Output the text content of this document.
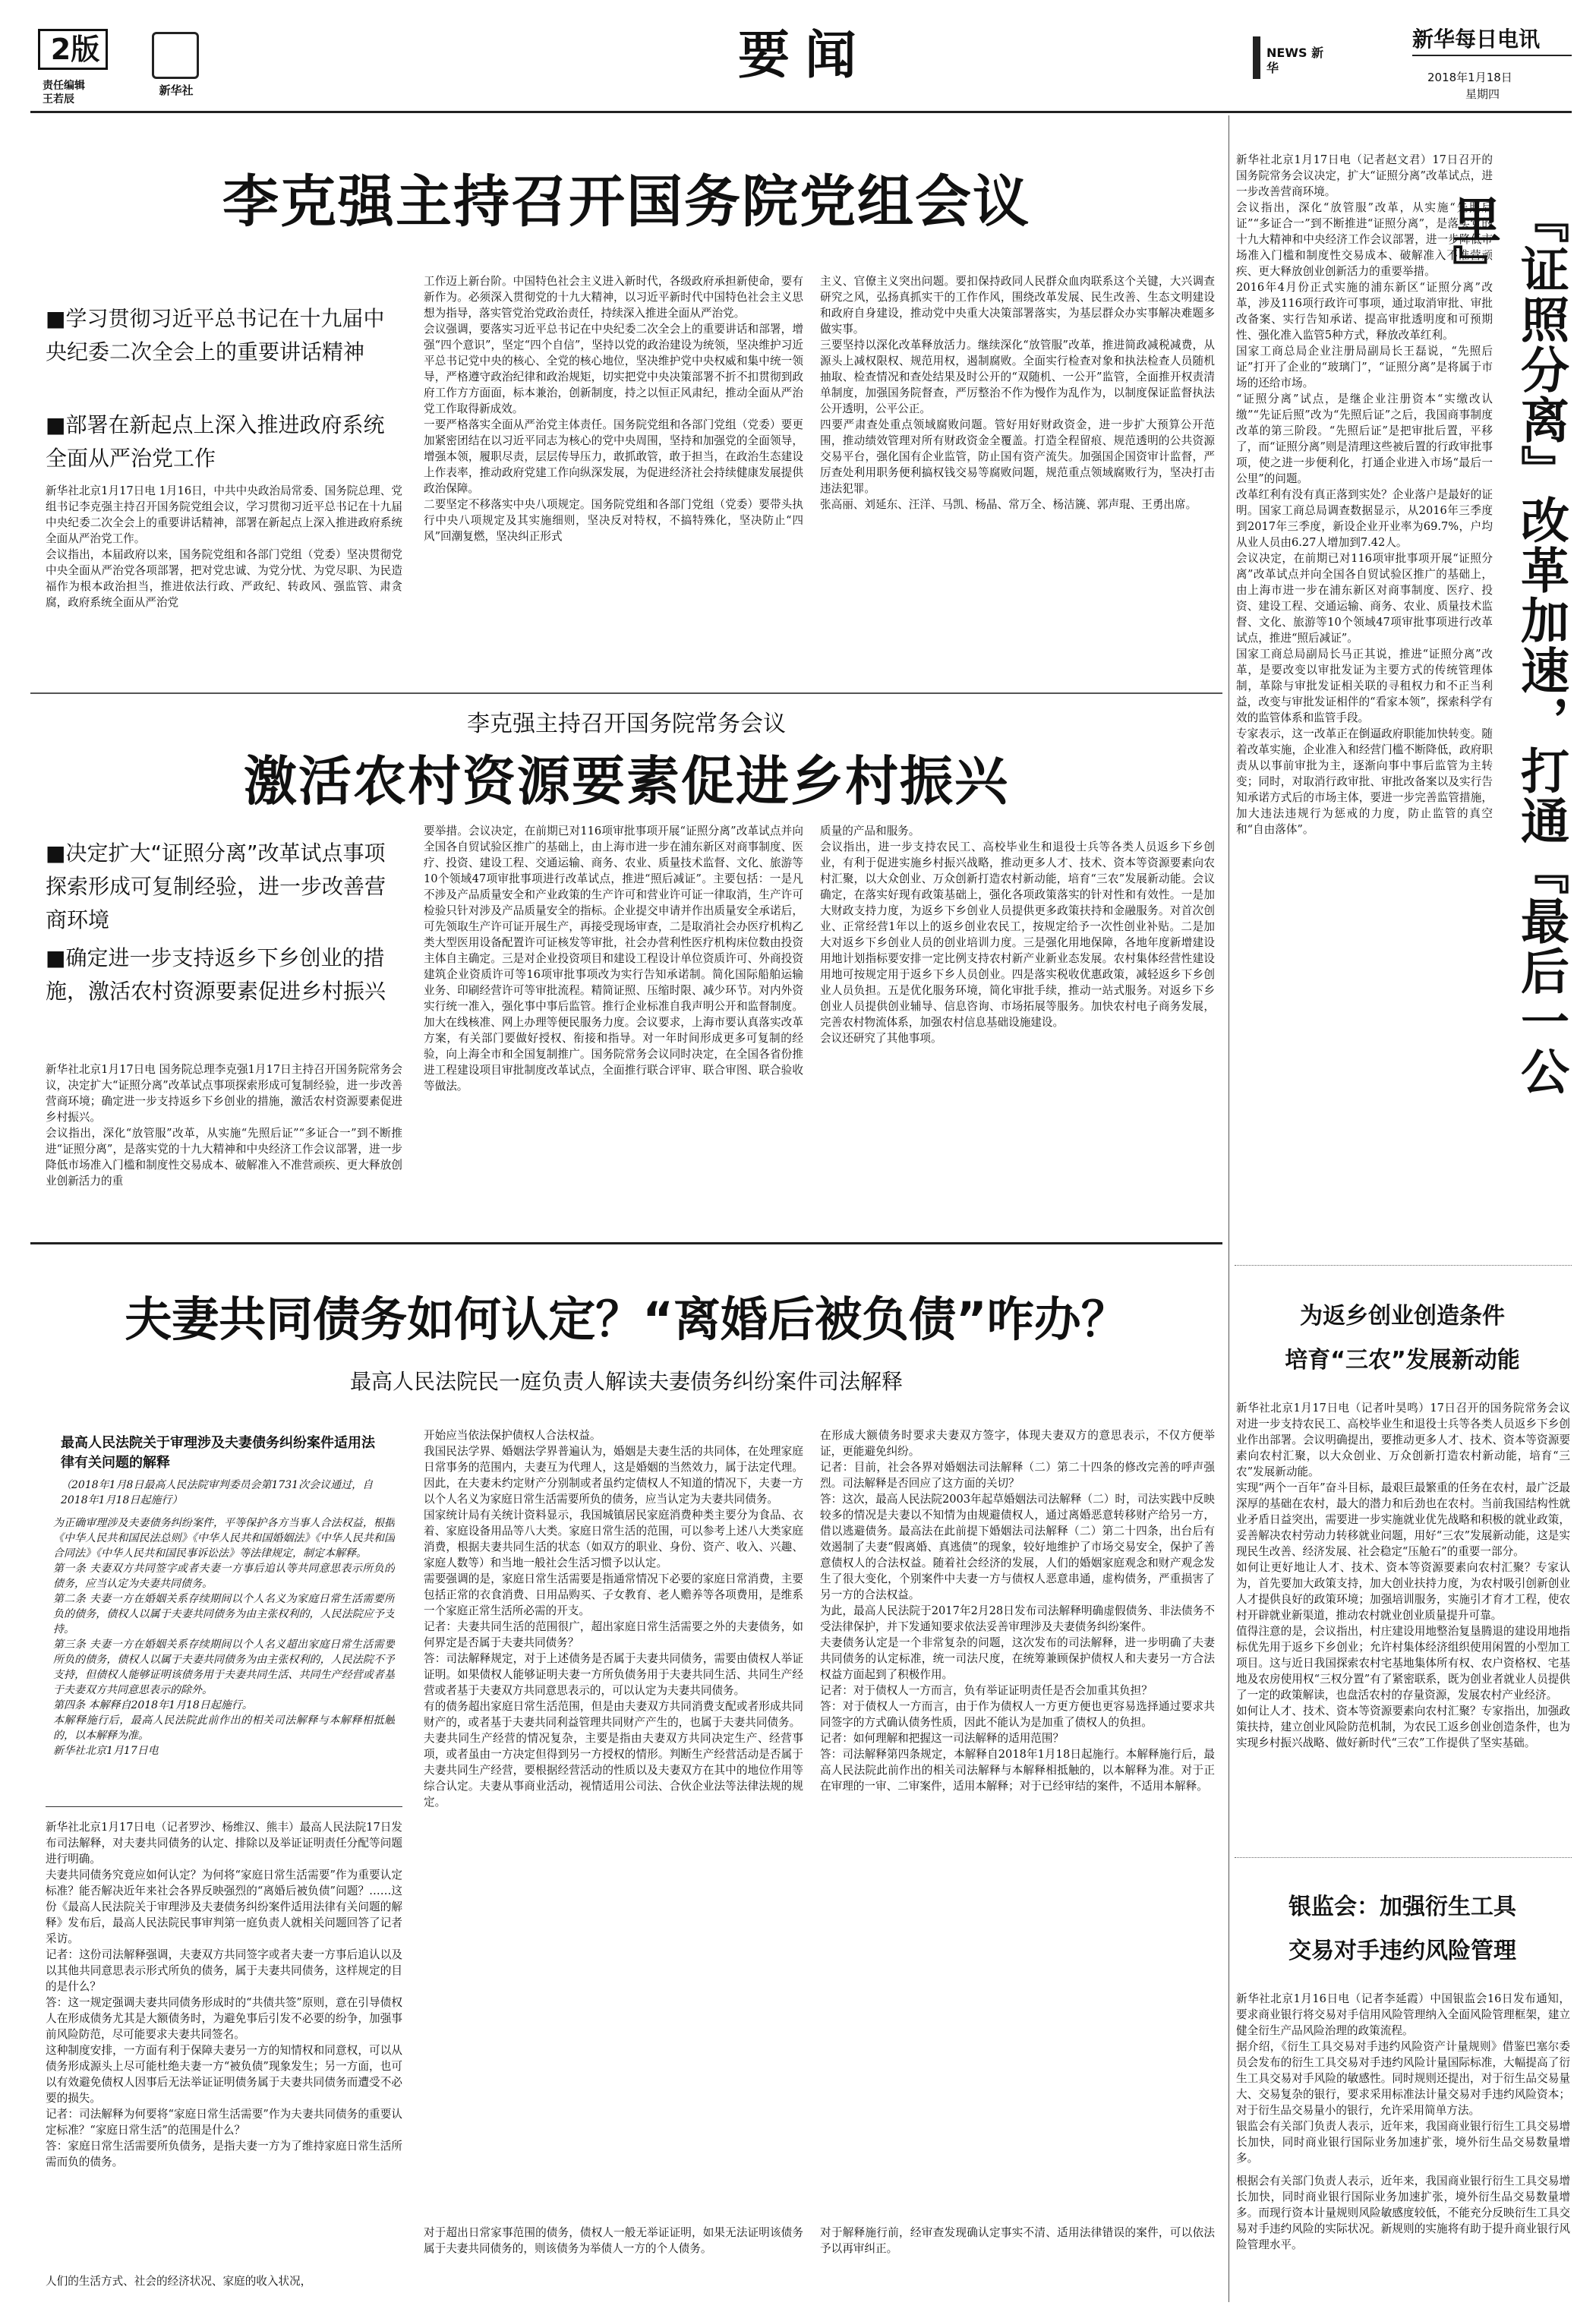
2版
责任编辑
王若辰
新华社
要闻	NEWS 新华
新华每日电讯
2018年1月18日
星期四
李克强主持召开国务院党组会议
■学习贯彻习近平总书记在十九届中央纪委二次全会上的重要讲话精神
■部署在新起点上深入推进政府系统全面从严治党工作
新华社北京1月17日电 1月16日，中共中央政治局常委、国务院总理、党组书记李克强主持召开国务院党组会议，学习贯彻习近平总书记在十九届中央纪委二次全会上的重要讲话精神，部署在新起点上深入推进政府系统全面从严治党工作。
会议指出，本届政府以来，国务院党组和各部门党组（党委）坚决贯彻党中央全面从严治党各项部署，把对党忠诚、为党分忧、为党尽职、为民造福作为根本政治担当，推进依法行政、严政纪、转政风、强监管、肃贪腐，政府系统全面从严治党
工作迈上新台阶。中国特色社会主义进入新时代，各级政府承担新使命，要有新作为。必须深入贯彻党的十九大精神，以习近平新时代中国特色社会主义思想为指导，落实管党治党政治责任，持续深入推进全面从严治党。
会议强调，要落实习近平总书记在中央纪委二次全会上的重要讲话和部署，增强“四个意识”，坚定“四个自信”，坚持以党的政治建设为统领，坚决维护习近平总书记党中央的核心、全党的核心地位，坚决维护党中央权威和集中统一领导，严格遵守政治纪律和政治规矩，切实把党中央决策部署不折不扣贯彻到政府工作方方面面，标本兼治，创新制度，持之以恒正风肃纪，推动全面从严治党工作取得新成效。
一要严格落实全面从严治党主体责任。国务院党组和各部门党组（党委）要更加紧密团结在以习近平同志为核心的党中央周围，坚持和加强党的全面领导，增强本领，履职尽责，层层传导压力，敢抓敢管，敢于担当，在政治生态建设上作表率，推动政府党建工作向纵深发展，为促进经济社会持续健康发展提供政治保障。
二要坚定不移落实中央八项规定。国务院党组和各部门党组（党委）要带头执行中央八项规定及其实施细则，坚决反对特权，不搞特殊化，坚决防止“四风”回潮复燃，坚决纠正形式
主义、官僚主义突出问题。要扣保持政同人民群众血肉联系这个关键，大兴调查研究之风，弘扬真抓实干的工作作风，围绕改革发展、民生改善、生态文明建设和政府自身建设，推动党中央重大决策部署落实，为基层群众办实事解决难题多做实事。
三要坚持以深化改革释放活力。继续深化“放管服”改革，推进简政减税减费，从源头上减权限权、规范用权，遏制腐败。全面实行检查对象和执法检查人员随机抽取、检查情况和查处结果及时公开的“双随机、一公开”监管，全面推开权责清单制度，加强国务院督查，严厉整治不作为慢作为乱作为，以制度保证监督执法公开透明，公平公正。
四要严肃查处重点领域腐败问题。管好用好财政资金，进一步扩大预算公开范围，推动绩效管理对所有财政资金全覆盖。打造全程留痕、规范透明的公共资源交易平台，强化国有企业监管，防止国有资产流失。加强国企国资审计监督，严厉查处利用职务便利搞权钱交易等腐败问题，规范重点领域腐败行为，坚决打击违法犯罪。
张高丽、刘延东、汪洋、马凯、杨晶、常万全、杨洁篪、郭声琨、王勇出席。
李克强主持召开国务院常务会议
激活农村资源要素促进乡村振兴
■决定扩大“证照分离”改革试点事项探索形成可复制经验，进一步改善营商环境
■确定进一步支持返乡下乡创业的措施，激活农村资源要素促进乡村振兴
新华社北京1月17日电 国务院总理李克强1月17日主持召开国务院常务会议，决定扩大“证照分离”改革试点事项探索形成可复制经验，进一步改善营商环境；确定进一步支持返乡下乡创业的措施，激活农村资源要素促进乡村振兴。
会议指出，深化“放管服”改革，从实施“先照后证”“多证合一”到不断推进“证照分离”，是落实党的十九大精神和中央经济工作会议部署，进一步降低市场准入门槛和制度性交易成本、破解准入不准营顽疾、更大释放创业创新活力的重
要举措。会议决定，在前期已对116项审批事项开展“证照分离”改革试点并向全国各自贸试验区推广的基础上，由上海市进一步在浦东新区对商事制度、医疗、投资、建设工程、交通运输、商务、农业、质量技术监督、文化、旅游等10个领域47项审批事项进行改革试点，推进“照后减证”。主要包括：一是凡不涉及产品质量安全和产业政策的生产许可和营业许可证一律取消，生产许可检验只针对涉及产品质量安全的指标。企业提交申请并作出质量安全承诺后，可先领取生产许可证开展生产，再接受现场审查，二是取消社会办医疗机构乙类大型医用设备配置许可证核发等审批，社会办营利性医疗机构床位数由投资主体自主确定。三是对企业投资项目和建设工程设计单位资质许可、外商投资建筑企业资质许可等16项审批事项改为实行告知承诺制。简化国际船舶运输业务、印刷经营许可等审批流程。精简证照、压缩时限、减少环节。对内外资实行统一准入，强化事中事后监管。推行企业标准自我声明公开和监督制度。加大在线核准、网上办理等便民服务力度。会议要求，上海市要认真落实改革方案，有关部门要做好授权、衔接和指导。对一年时间形成更多可复制的经验，向上海全市和全国复制推广。国务院常务会议同时决定，在全国各省份推进工程建设项目审批制度改革试点，全面推行联合评审、联合审图、联合验收等做法。
质量的产品和服务。
会议指出，进一步支持农民工、高校毕业生和退役士兵等各类人员返乡下乡创业，有利于促进实施乡村振兴战略，推动更多人才、技术、资本等资源要素向农村汇聚，以大众创业、万众创新打造农村新动能，培育“三农”发展新动能。会议确定，在落实好现有政策基础上，强化各项政策落实的针对性和有效性。一是加大财政支持力度，为返乡下乡创业人员提供更多政策扶持和金融服务。对首次创业、正常经营1年以上的返乡创业农民工，按规定给予一次性创业补贴。二是加大对返乡下乡创业人员的创业培训力度。三是强化用地保障，各地年度新增建设用地计划指标要安排一定比例支持农村新产业新业态发展。农村集体经营性建设用地可按规定用于返乡下乡人员创业。四是落实税收优惠政策，减轻返乡下乡创业人员负担。五是优化服务环境，简化审批手续，推动一站式服务。对返乡下乡创业人员提供创业辅导、信息咨询、市场拓展等服务。加快农村电子商务发展，完善农村物流体系，加强农村信息基础设施建设。
会议还研究了其他事项。
夫妻共同债务如何认定？“离婚后被负债”咋办？
最高人民法院民一庭负责人解读夫妻债务纠纷案件司法解释
最高人民法院关于审理涉及夫妻债务纠纷案件适用法律有关问题的解释
（2018年1月8日最高人民法院审判委员会第1731次会议通过，自2018年1月18日起施行）
为正确审理涉及夫妻债务纠纷案件，平等保护各方当事人合法权益，根据《中华人民共和国民法总则》《中华人民共和国婚姻法》《中华人民共和国合同法》《中华人民共和国民事诉讼法》等法律规定，制定本解释。
第一条 夫妻双方共同签字或者夫妻一方事后追认等共同意思表示所负的债务，应当认定为夫妻共同债务。
第二条 夫妻一方在婚姻关系存续期间以个人名义为家庭日常生活需要所负的债务，债权人以属于夫妻共同债务为由主张权利的，人民法院应予支持。
第三条 夫妻一方在婚姻关系存续期间以个人名义超出家庭日常生活需要所负的债务，债权人以属于夫妻共同债务为由主张权利的，人民法院不予支持，但债权人能够证明该债务用于夫妻共同生活、共同生产经营或者基于夫妻双方共同意思表示的除外。
第四条 本解释自2018年1月18日起施行。
本解释施行后，最高人民法院此前作出的相关司法解释与本解释相抵触的，以本解释为准。
新华社北京1月17日电
新华社北京1月17日电（记者罗沙、杨维汉、熊丰）最高人民法院17日发布司法解释，对夫妻共同债务的认定、排除以及举证证明责任分配等问题进行明确。
夫妻共同债务究竟应如何认定？为何将“家庭日常生活需要”作为重要认定标准？能否解决近年来社会各界反映强烈的“离婚后被负债”问题？……这份《最高人民法院关于审理涉及夫妻债务纠纷案件适用法律有关问题的解释》发布后，最高人民法院民事审判第一庭负责人就相关问题回答了记者采访。
记者：这份司法解释强调，夫妻双方共同签字或者夫妻一方事后追认以及以其他共同意思表示形式所负的债务，属于夫妻共同债务，这样规定的目的是什么？
答：这一规定强调夫妻共同债务形成时的“共债共签”原则，意在引导债权人在形成债务尤其是大额债务时，为避免事后引发不必要的纷争，加强事前风险防范，尽可能要求夫妻共同签名。
这种制度安排，一方面有利于保障夫妻另一方的知情权和同意权，可以从债务形成源头上尽可能杜绝夫妻一方“被负债”现象发生；另一方面，也可以有效避免债权人因事后无法举证证明债务属于夫妻共同债务而遭受不必要的损失。
记者：司法解释为何要将“家庭日常生活需要”作为夫妻共同债务的重要认定标准？“家庭日常生活”的范围是什么？
答：家庭日常生活需要所负债务，是指夫妻一方为了维持家庭日常生活所需而负的债务。
人们的生活方式、社会的经济状况、家庭的收入状况，
开始应当依法保护债权人合法权益。
我国民法学界、婚姻法学界普遍认为，婚姻是夫妻生活的共同体，在处理家庭日常事务的范围内，夫妻互为代理人，这是婚姻的当然效力，属于法定代理。因此，在夫妻未约定财产分别制或者虽约定债权人不知道的情况下，夫妻一方以个人名义为家庭日常生活需要所负的债务，应当认定为夫妻共同债务。
国家统计局有关统计资料显示，我国城镇居民家庭消费种类主要分为食品、衣着、家庭设备用品等八大类。家庭日常生活的范围，可以参考上述八大类家庭消费，根据夫妻共同生活的状态（如双方的职业、身份、资产、收入、兴趣、家庭人数等）和当地一般社会生活习惯予以认定。
需要强调的是，家庭日常生活需要是指通常情况下必要的家庭日常消费，主要包括正常的衣食消费、日用品购买、子女教育、老人赡养等各项费用，是维系一个家庭正常生活所必需的开支。
记者：夫妻共同生活的范围很广，超出家庭日常生活需要之外的夫妻债务，如何界定是否属于夫妻共同债务？
答：司法解释规定，对于上述债务是否属于夫妻共同债务，需要由债权人举证证明。如果债权人能够证明夫妻一方所负债务用于夫妻共同生活、共同生产经营或者基于夫妻双方共同意思表示的，可以认定为夫妻共同债务。
有的债务超出家庭日常生活范围，但是由夫妻双方共同消费支配或者形成共同财产的，或者基于夫妻共同利益管理共同财产产生的，也属于夫妻共同债务。
夫妻共同生产经营的情况复杂，主要是指由夫妻双方共同决定生产、经营事项，或者虽由一方决定但得到另一方授权的情形。判断生产经营活动是否属于夫妻共同生产经营，要根据经营活动的性质以及夫妻双方在其中的地位作用等综合认定。夫妻从事商业活动，视情适用公司法、合伙企业法等法律法规的规定。
对于超出日常家事范围的债务，债权人一般无举证证明，如果无法证明该债务属于夫妻共同债务的，则该债务为举债人一方的个人债务。
在形成大额债务时要求夫妻双方签字，体现夫妻双方的意思表示，不仅方便举证，更能避免纠纷。
记者：目前，社会各界对婚姻法司法解释（二）第二十四条的修改完善的呼声强烈。司法解释是否回应了这方面的关切？
答：这次，最高人民法院2003年起草婚姻法司法解释（二）时，司法实践中反映较多的情况是夫妻以不知情为由规避债权人，通过离婚恶意转移财产给另一方，借以逃避债务。最高法在此前提下婚姻法司法解释（二）第二十四条，出台后有效遏制了夫妻“假离婚、真逃债”的现象，较好地维护了市场交易安全，保护了善意债权人的合法权益。随着社会经济的发展，人们的婚姻家庭观念和财产观念发生了很大变化，个别案件中夫妻一方与债权人恶意串通，虚构债务，严重损害了另一方的合法权益。
为此，最高人民法院于2017年2月28日发布司法解释明确虚假债务、非法债务不受法律保护，并下发通知要求依法妥善审理涉及夫妻债务纠纷案件。
夫妻债务认定是一个非常复杂的问题，这次发布的司法解释，进一步明确了夫妻共同债务的认定标准，统一司法尺度，在统筹兼顾保护债权人和夫妻另一方合法权益方面起到了积极作用。
记者：对于债权人一方而言，负有举证证明责任是否会加重其负担？
答：对于债权人一方而言，由于作为债权人一方更方便也更容易选择通过要求共同签字的方式确认债务性质，因此不能认为是加重了债权人的负担。
记者：如何理解和把握这一司法解释的适用范围？
答：司法解释第四条规定，本解释自2018年1月18日起施行。本解释施行后，最高人民法院此前作出的相关司法解释与本解释相抵触的，以本解释为准。对于正在审理的一审、二审案件，适用本解释；对于已经审结的案件，不适用本解释。
对于解释施行前，经审查发现确认定事实不清、适用法律错误的案件，可以依法予以再审纠正。
新华社北京1月17日电（记者赵文君）17日召开的国务院常务会议决定，扩大“证照分离”改革试点，进一步改善营商环境。
会议指出，深化“放管服”改革，从实施“先照后证”“多证合一”到不断推进“证照分离”，是落实党的十九大精神和中央经济工作会议部署，进一步降低市场准入门槛和制度性交易成本、破解准入不准营顽疾、更大释放创业创新活力的重要举措。
2016年4月份正式实施的浦东新区“证照分离”改革，涉及116项行政许可事项，通过取消审批、审批改备案、实行告知承诺、提高审批透明度和可预期性、强化准入监管5种方式，释放改革红利。
国家工商总局企业注册局副局长王磊说，“先照后证”打开了企业的“玻璃门”，“证照分离”是将属于市场的还给市场。
“证照分离”试点，是继企业注册资本“实缴改认缴”“先证后照”改为“先照后证”之后，我国商事制度改革的第三阶段。“先照后证”是把审批后置，平移了，而“证照分离”则是清理这些被后置的行政审批事项，使之进一步便利化，打通企业进入市场“最后一公里”的问题。
改革红利有没有真正落到实处？企业落户是最好的证明。国家工商总局调查数据显示，从2016年三季度到2017年三季度，新设企业开业率为69.7%，户均从业人员由6.27人增加到7.42人。
会议决定，在前期已对116项审批事项开展“证照分离”改革试点并向全国各自贸试验区推广的基础上，由上海市进一步在浦东新区对商事制度、医疗、投资、建设工程、交通运输、商务、农业、质量技术监督、文化、旅游等10个领域47项审批事项进行改革试点，推进“照后减证”。
国家工商总局副局长马正其说，推进“证照分离”改革，是要改变以审批发证为主要方式的传统管理体制，革除与审批发证相关联的寻租权力和不正当利益，改变与审批发证相伴的“看家本领”，探索科学有效的监管体系和监管手段。
专家表示，这一改革正在倒逼政府职能加快转变。随着改革实施，企业准入和经营门槛不断降低，政府职责从以事前审批为主，逐渐向事中事后监管为主转变；同时，对取消行政审批、审批改备案以及实行告知承诺方式后的市场主体，要进一步完善监管措施，加大违法违规行为惩戒的力度，防止监管的真空和“自由落体”。	『证照分离』改革加速，打通『最后一公里』
为返乡创业创造条件
培育“三农”发展新动能
新华社北京1月17日电（记者叶昊鸣）17日召开的国务院常务会议对进一步支持农民工、高校毕业生和退役士兵等各类人员返乡下乡创业作出部署。会议明确提出，要推动更多人才、技术、资本等资源要素向农村汇聚，以大众创业、万众创新打造农村新动能，培育“三农”发展新动能。
实现“两个一百年”奋斗目标，最艰巨最繁重的任务在农村，最广泛最深厚的基础在农村，最大的潜力和后劲也在农村。当前我国结构性就业矛盾日益突出，需要进一步实施就业优先战略和积极的就业政策，妥善解决农村劳动力转移就业问题，用好“三农”发展新动能，这是实现民生改善、经济发展、社会稳定“压舱石”的重要一部分。
如何让更好地让人才、技术、资本等资源要素向农村汇聚？专家认为，首先要加大政策支持，加大创业扶持力度，为农村吸引创新创业人才提供良好的政策环境；加强培训服务，实施引才育才工程，使农村开辟就业新渠道，推动农村就业创业质量提升可靠。
值得注意的是，会议指出，村庄建设用地整治复垦腾退的建设用地指标优先用于返乡下乡创业；允许村集体经济组织使用闲置的小型加工项目。这与近日我国探索农村宅基地集体所有权、农户资格权、宅基地及农房使用权“三权分置”有了紧密联系，既为创业者就业人员提供了一定的政策解读，也盘活农村的存量资源，发展农村产业经济。
如何让人才、技术、资本等资源要素向农村汇聚？专家指出，加强政策扶持，建立创业风险防范机制，为农民工返乡创业创造条件，也为实现乡村振兴战略、做好新时代“三农”工作提供了坚实基础。
银监会：加强衍生工具
交易对手违约风险管理
新华社北京1月16日电（记者李延霞）中国银监会16日发布通知，要求商业银行将交易对手信用风险管理纳入全面风险管理框架，建立健全衍生产品风险治理的政策流程。
据介绍，《衍生工具交易对手违约风险资产计量规则》借鉴巴塞尔委员会发布的衍生工具交易对手违约风险计量国际标准，大幅提高了衍生工具交易对手风险的敏感性。同时规则还提出，对于衍生品交易量大、交易复杂的银行，要求采用标准法计量交易对手违约风险资本；对于衍生品交易量小的银行，允许采用简单方法。
银监会有关部门负责人表示，近年来，我国商业银行衍生工具交易增长加快，同时商业银行国际业务加速扩张，境外衍生品交易数量增多。
根据会有关部门负责人表示，近年来，我国商业银行衍生工具交易增长加快，同时商业银行国际业务加速扩张，境外衍生品交易数量增多。而现行资本计量规则风险敏感度较低，不能充分反映衍生工具交易对手违约风险的实际状况。新规则的实施将有助于提升商业银行风险管理水平。
